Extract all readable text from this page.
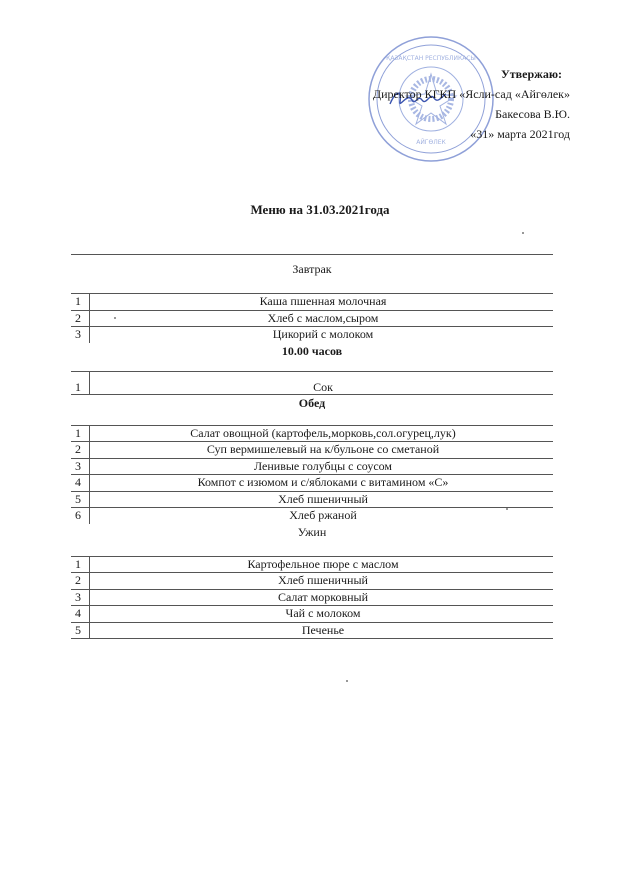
ҚАЗАҚСТАН РЕСПУБЛИКАСЫ
АЙГӨЛЕК
Утвержаю:
Директор КГКП «Ясли-сад «Айгөлек»
Бакесова В.Ю.
«31» марта 2021год
Меню на 31.03.2021года
Завтрак
1	Каша пшенная молочная
2	Хлеб с маслом,сыром
3	Цикорий с молоком
10.00 часов
1	Сок
Обед
1	Салат овощной (картофель,морковь,сол.огурец,лук)
2	Суп вермишелевый на к/бульоне со сметаной
3	Ленивые голубцы с соусом
4	Компот с изюмом и с/яблоками с витамином «С»
5	Хлеб пшеничный
6	Хлеб ржаной
Ужин
1	Картофельное пюре с маслом
2	Хлеб пшеничный
3	Салат морковный
4	Чай с молоком
5	Печенье
